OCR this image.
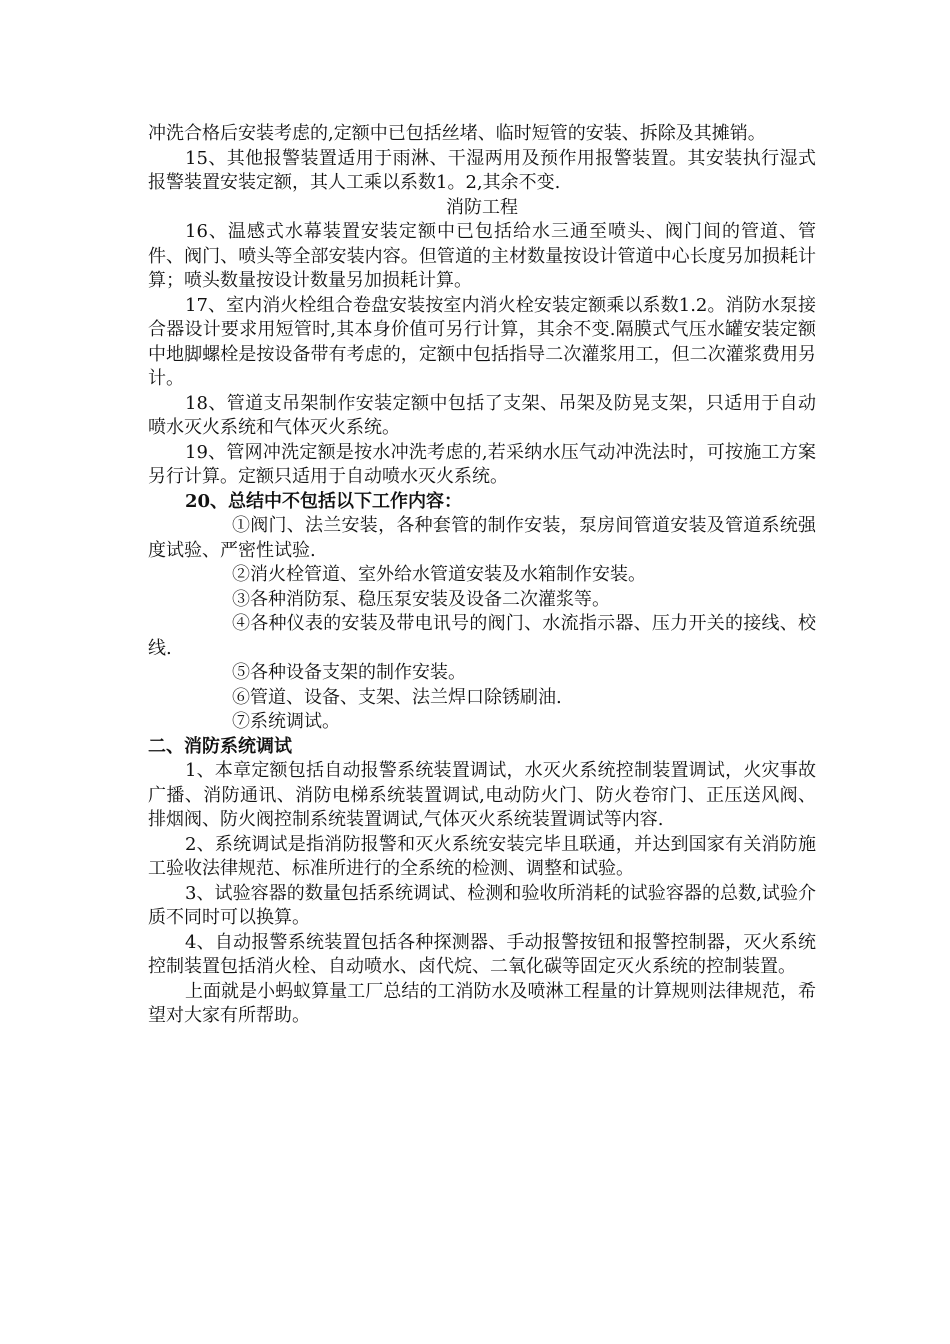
冲洗合格后安装考虑的,定额中已包括丝堵、临时短管的安装、拆除及其摊销。

15、其他报警装置适用于雨淋、干湿两用及预作用报警装置。其安装执行湿式报警装置安装定额，其人工乘以系数1。2,其余不变.

消防工程

16、温感式水幕装置安装定额中已包括给水三通至喷头、阀门间的管道、管件、阀门、喷头等全部安装内容。但管道的主材数量按设计管道中心长度另加损耗计算；喷头数量按设计数量另加损耗计算。

17、室内消火栓组合卷盘安装按室内消火栓安装定额乘以系数1.2。消防水泵接合器设计要求用短管时,其本身价值可另行计算，其余不变.隔膜式气压水罐安装定额中地脚螺栓是按设备带有考虑的，定额中包括指导二次灌浆用工，但二次灌浆费用另计。

18、管道支吊架制作安装定额中包括了支架、吊架及防晃支架，只适用于自动喷水灭火系统和气体灭火系统。

19、管网冲洗定额是按水冲洗考虑的,若采纳水压气动冲洗法时，可按施工方案另行计算。定额只适用于自动喷水灭火系统。

20、总结中不包括以下工作内容：

①阀门、法兰安装，各种套管的制作安装，泵房间管道安装及管道系统强度试验、严密性试验.

②消火栓管道、室外给水管道安装及水箱制作安装。

③各种消防泵、稳压泵安装及设备二次灌浆等。

④各种仪表的安装及带电讯号的阀门、水流指示器、压力开关的接线、校线.

⑤各种设备支架的制作安装。

⑥管道、设备、支架、法兰焊口除锈刷油.

⑦系统调试。

二、消防系统调试

1、本章定额包括自动报警系统装置调试，水灭火系统控制装置调试，火灾事故广播、消防通讯、消防电梯系统装置调试,电动防火门、防火卷帘门、正压送风阀、排烟阀、防火阀控制系统装置调试,气体灭火系统装置调试等内容.

2、系统调试是指消防报警和灭火系统安装完毕且联通，并达到国家有关消防施工验收法律规范、标准所进行的全系统的检测、调整和试验。

3、试验容器的数量包括系统调试、检测和验收所消耗的试验容器的总数,试验介质不同时可以换算。

4、自动报警系统装置包括各种探测器、手动报警按钮和报警控制器，灭火系统控制装置包括消火栓、自动喷水、卤代烷、二氧化碳等固定灭火系统的控制装置。

上面就是小蚂蚁算量工厂总结的工消防水及喷淋工程量的计算规则法律规范，希望对大家有所帮助。
